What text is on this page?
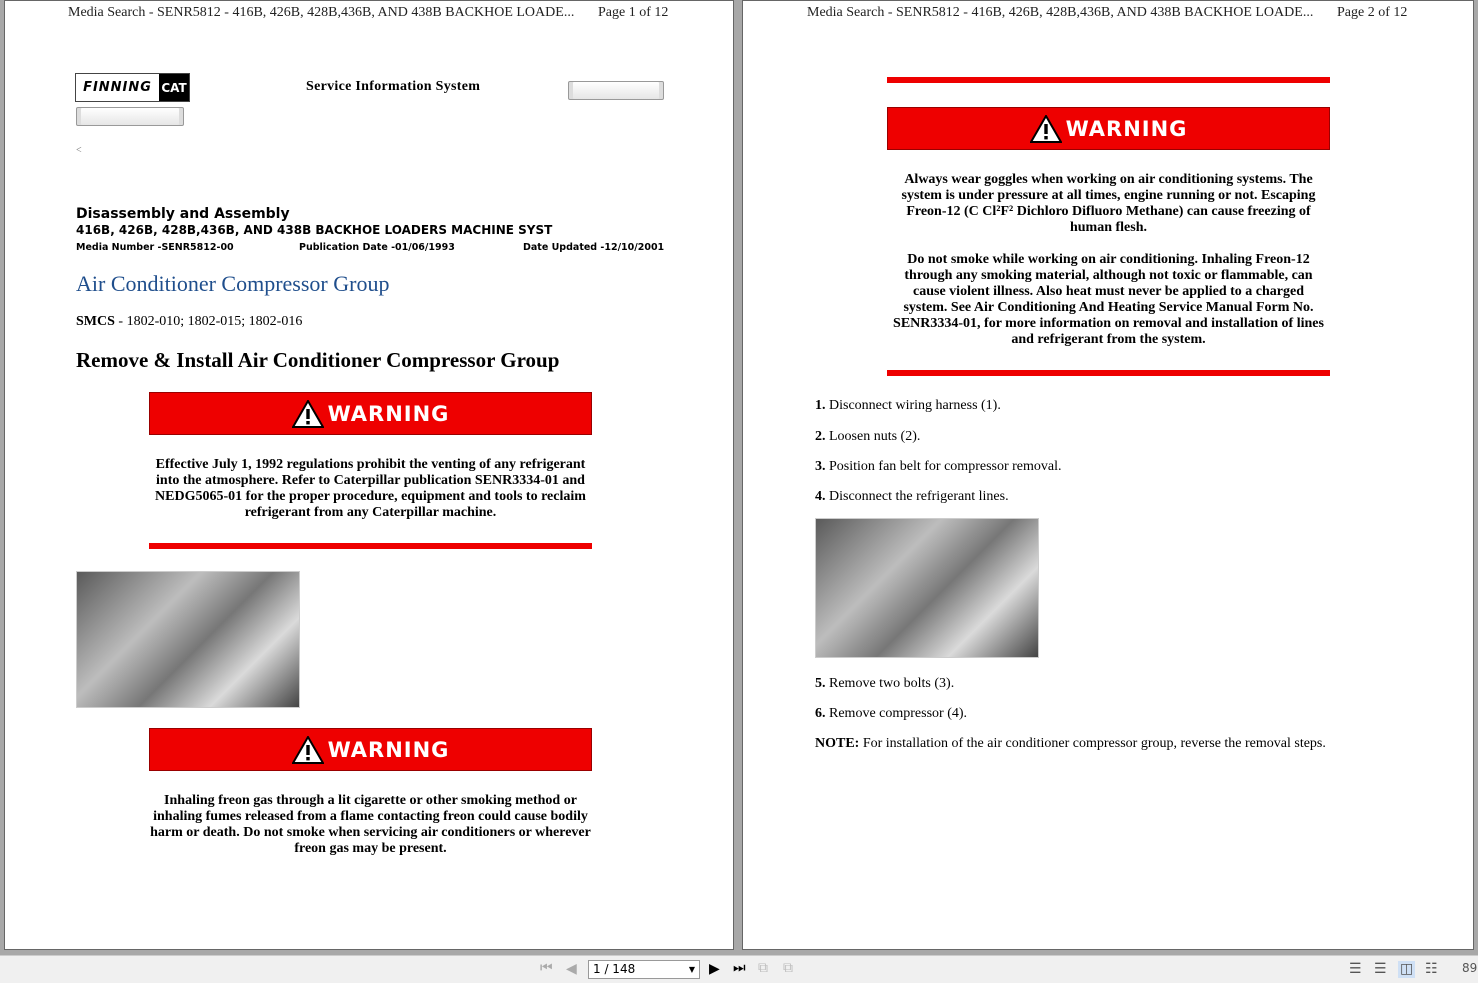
Media Search - SENR5812 - 416B, 426B, 428B,436B, AND 438B BACKHOE LOADE... Page 1 of 12
FINNING CAT	Service Information System
<
Disassembly and Assembly
416B, 426B, 428B,436B, AND 438B BACKHOE LOADERS MACHINE SYST
Media Number -SENR5812-00	Publication Date -01/06/1993	Date Updated -12/10/2001
Air Conditioner Compressor Group
SMCS - 1802-010; 1802-015; 1802-016
Remove & Install Air Conditioner Compressor Group
WARNING
Effective July 1, 1992 regulations prohibit the venting of any refrigerant into the atmosphere. Refer to Caterpillar publication SENR3334-01 and NEDG5065-01 for the proper procedure, equipment and tools to reclaim refrigerant from any Caterpillar machine.
WARNING
Inhaling freon gas through a lit cigarette or other smoking method or inhaling fumes released from a flame contacting freon could cause bodily harm or death. Do not smoke when servicing air conditioners or wherever freon gas may be present.
Media Search - SENR5812 - 416B, 426B, 428B,436B, AND 438B BACKHOE LOADE... Page 2 of 12
WARNING
Always wear goggles when working on air conditioning systems. The system is under pressure at all times, engine running or not. Escaping Freon-12 (C Cl²F² Dichloro Difluoro Methane) can cause freezing of human flesh.
Do not smoke while working on air conditioning. Inhaling Freon-12 through any smoking material, although not toxic or flammable, can cause violent illness. Also heat must never be applied to a charged system. See Air Conditioning And Heating Service Manual Form No. SENR3334-01, for more information on removal and installation of lines and refrigerant from the system.
1. Disconnect wiring harness (1).
2. Loosen nuts (2).
3. Position fan belt for compressor removal.
4. Disconnect the refrigerant lines.
5. Remove two bolts (3).
6. Remove compressor (4).
NOTE: For installation of the air conditioner compressor group, reverse the removal steps.
⏮ ◀	1 / 148	▼ ▶ ⏭ ⧉ ⧉	☰ ☰ ◫ ☷ 89
